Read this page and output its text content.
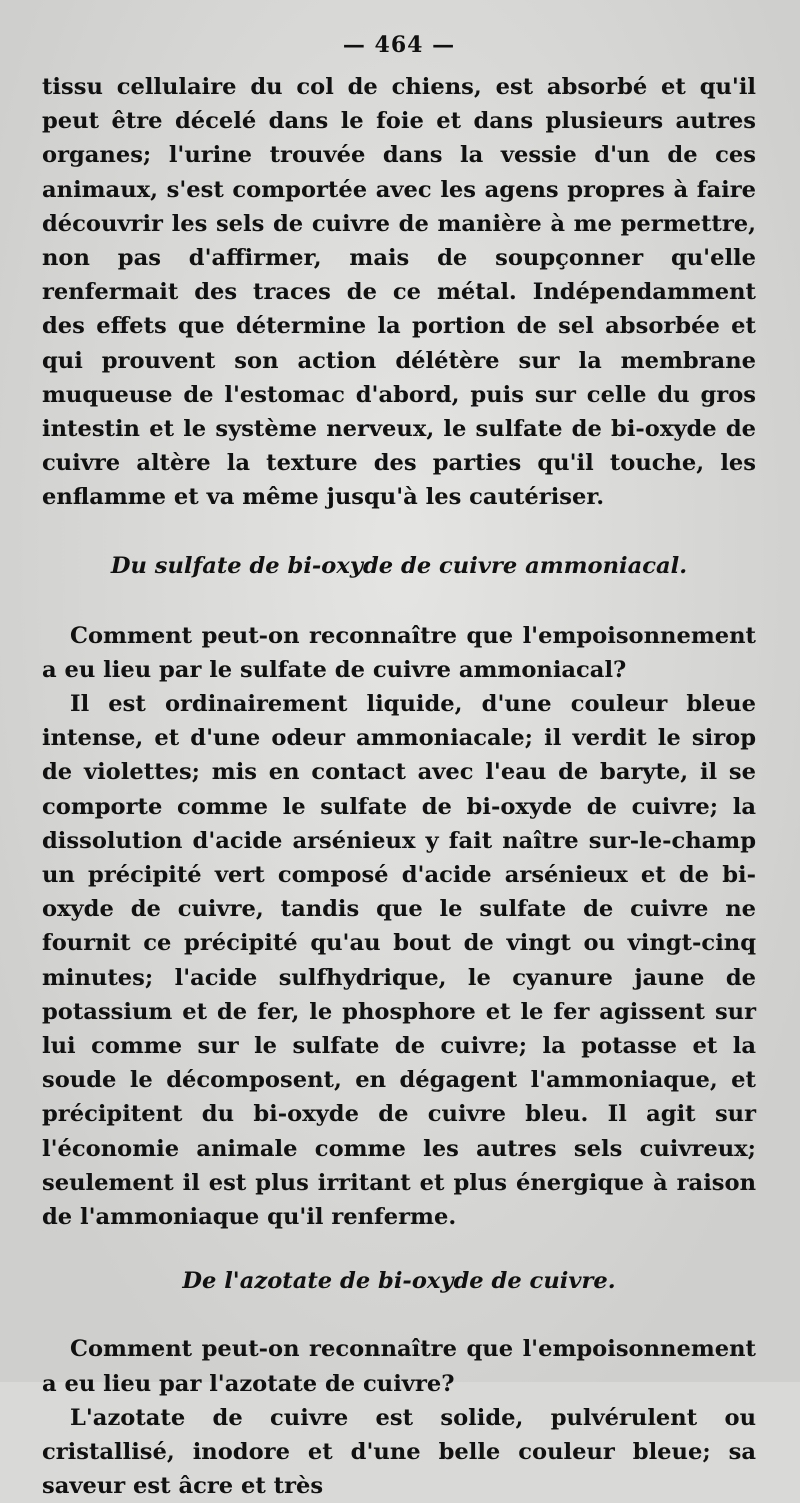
— 464 —

tissu cellulaire du col de chiens, est absorbé et qu'il peut être décelé dans le foie et dans plusieurs autres organes; l'urine trouvée dans la vessie d'un de ces animaux, s'est comportée avec les agens propres à faire découvrir les sels de cuivre de manière à me permettre, non pas d'affirmer, mais de soupçonner qu'elle renfermait des traces de ce métal. Indépendamment des effets que détermine la portion de sel absorbée et qui prouvent son action délétère sur la membrane muqueuse de l'estomac d'abord, puis sur celle du gros intestin et le système nerveux, le sulfate de bi-oxyde de cuivre altère la texture des parties qu'il touche, les enflamme et va même jusqu'à les cautériser.

Du sulfate de bi-oxyde de cuivre ammoniacal.

Comment peut-on reconnaître que l'empoisonnement a eu lieu par le sulfate de cuivre ammoniacal?

Il est ordinairement liquide, d'une couleur bleue intense, et d'une odeur ammoniacale; il verdit le sirop de violettes; mis en contact avec l'eau de baryte, il se comporte comme le sulfate de bi-oxyde de cuivre; la dissolution d'acide arsénieux y fait naître sur-le-champ un précipité vert composé d'acide arsénieux et de bi-oxyde de cuivre, tandis que le sulfate de cuivre ne fournit ce précipité qu'au bout de vingt ou vingt-cinq minutes; l'acide sulfhydrique, le cyanure jaune de potassium et de fer, le phosphore et le fer agissent sur lui comme sur le sulfate de cuivre; la potasse et la soude le décomposent, en dégagent l'ammoniaque, et précipitent du bi-oxyde de cuivre bleu. Il agit sur l'économie animale comme les autres sels cuivreux; seulement il est plus irritant et plus énergique à raison de l'ammoniaque qu'il renferme.

De l'azotate de bi-oxyde de cuivre.

Comment peut-on reconnaître que l'empoisonnement a eu lieu par l'azotate de cuivre?

L'azotate de cuivre est solide, pulvérulent ou cristallisé, inodore et d'une belle couleur bleue; sa saveur est âcre et très
